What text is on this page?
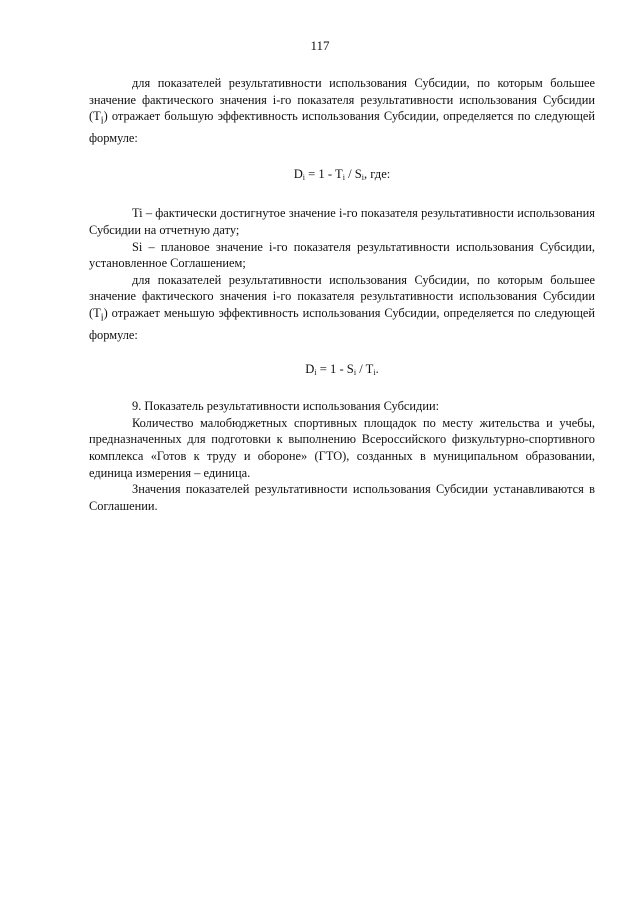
117

для показателей результативности использования Субсидии, по которым большее значение фактического значения i-го показателя результативности использования Субсидии $(T_i)$ отражает большую эффективность использования Субсидии, определяется по следующей формуле:

$D_i = 1 - T_i / S_i$, где:

Ti – фактически достигнутое значение i-го показателя результативности использования Субсидии на отчетную дату;

Si – плановое значение i-го показателя результативности использования Субсидии, установленное Соглашением;

для показателей результативности использования Субсидии, по которым большее значение фактического значения i-го показателя результативности использования Субсидии $(T_i)$ отражает меньшую эффективность использования Субсидии, определяется по следующей формуле:

$D_i = 1 - S_i / T_i$.

9. Показатель результативности использования Субсидии:

Количество малобюджетных спортивных площадок по месту жительства и учебы, предназначенных для подготовки к выполнению Всероссийского физкультурно-спортивного комплекса «Готов к труду и обороне» (ГТО), созданных в муниципальном образовании, единица измерения – единица.

Значения показателей результативности использования Субсидии устанавливаются в Соглашении.
